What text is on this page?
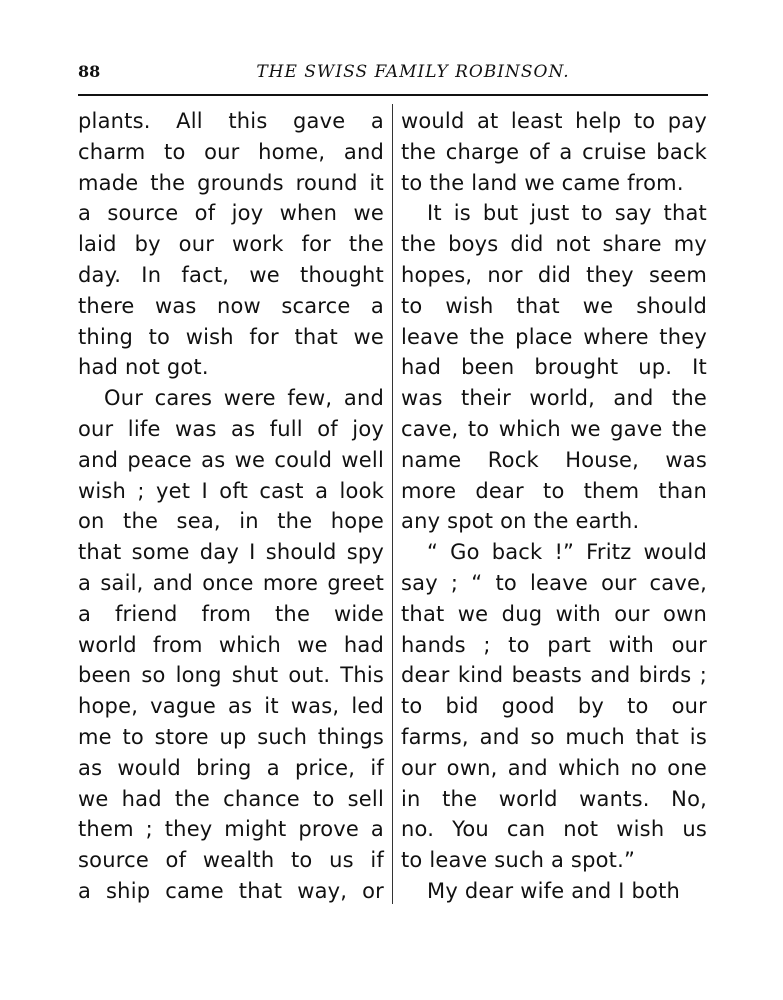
88	THE SWISS FAMILY ROBINSON.
plants. All this gave a
charm to our home, and
made the grounds round it
a source of joy when we
laid by our work for the
day. In fact, we thought
there was now scarce a
thing to wish for that we
had not got.
Our cares were few, and
our life was as full of joy
and peace as we could well
wish ; yet I oft cast a look
on the sea, in the hope
that some day I should spy
a sail, and once more greet
a friend from the wide
world from which we had
been so long shut out. This
hope, vague as it was, led
me to store up such things
as would bring a price, if
we had the chance to sell
them ; they might prove a
source of wealth to us if
a ship came that way, or
would at least help to pay
the charge of a cruise back
to the land we came from.
It is but just to say that
the boys did not share my
hopes, nor did they seem
to wish that we should
leave the place where they
had been brought up. It
was their world, and the
cave, to which we gave the
name Rock House, was
more dear to them than
any spot on the earth.
“ Go back !” Fritz would
say ; “ to leave our cave,
that we dug with our own
hands ; to part with our
dear kind beasts and birds ;
to bid good by to our
farms, and so much that is
our own, and which no one
in the world wants. No,
no. You can not wish us
to leave such a spot.”
My dear wife and I both
